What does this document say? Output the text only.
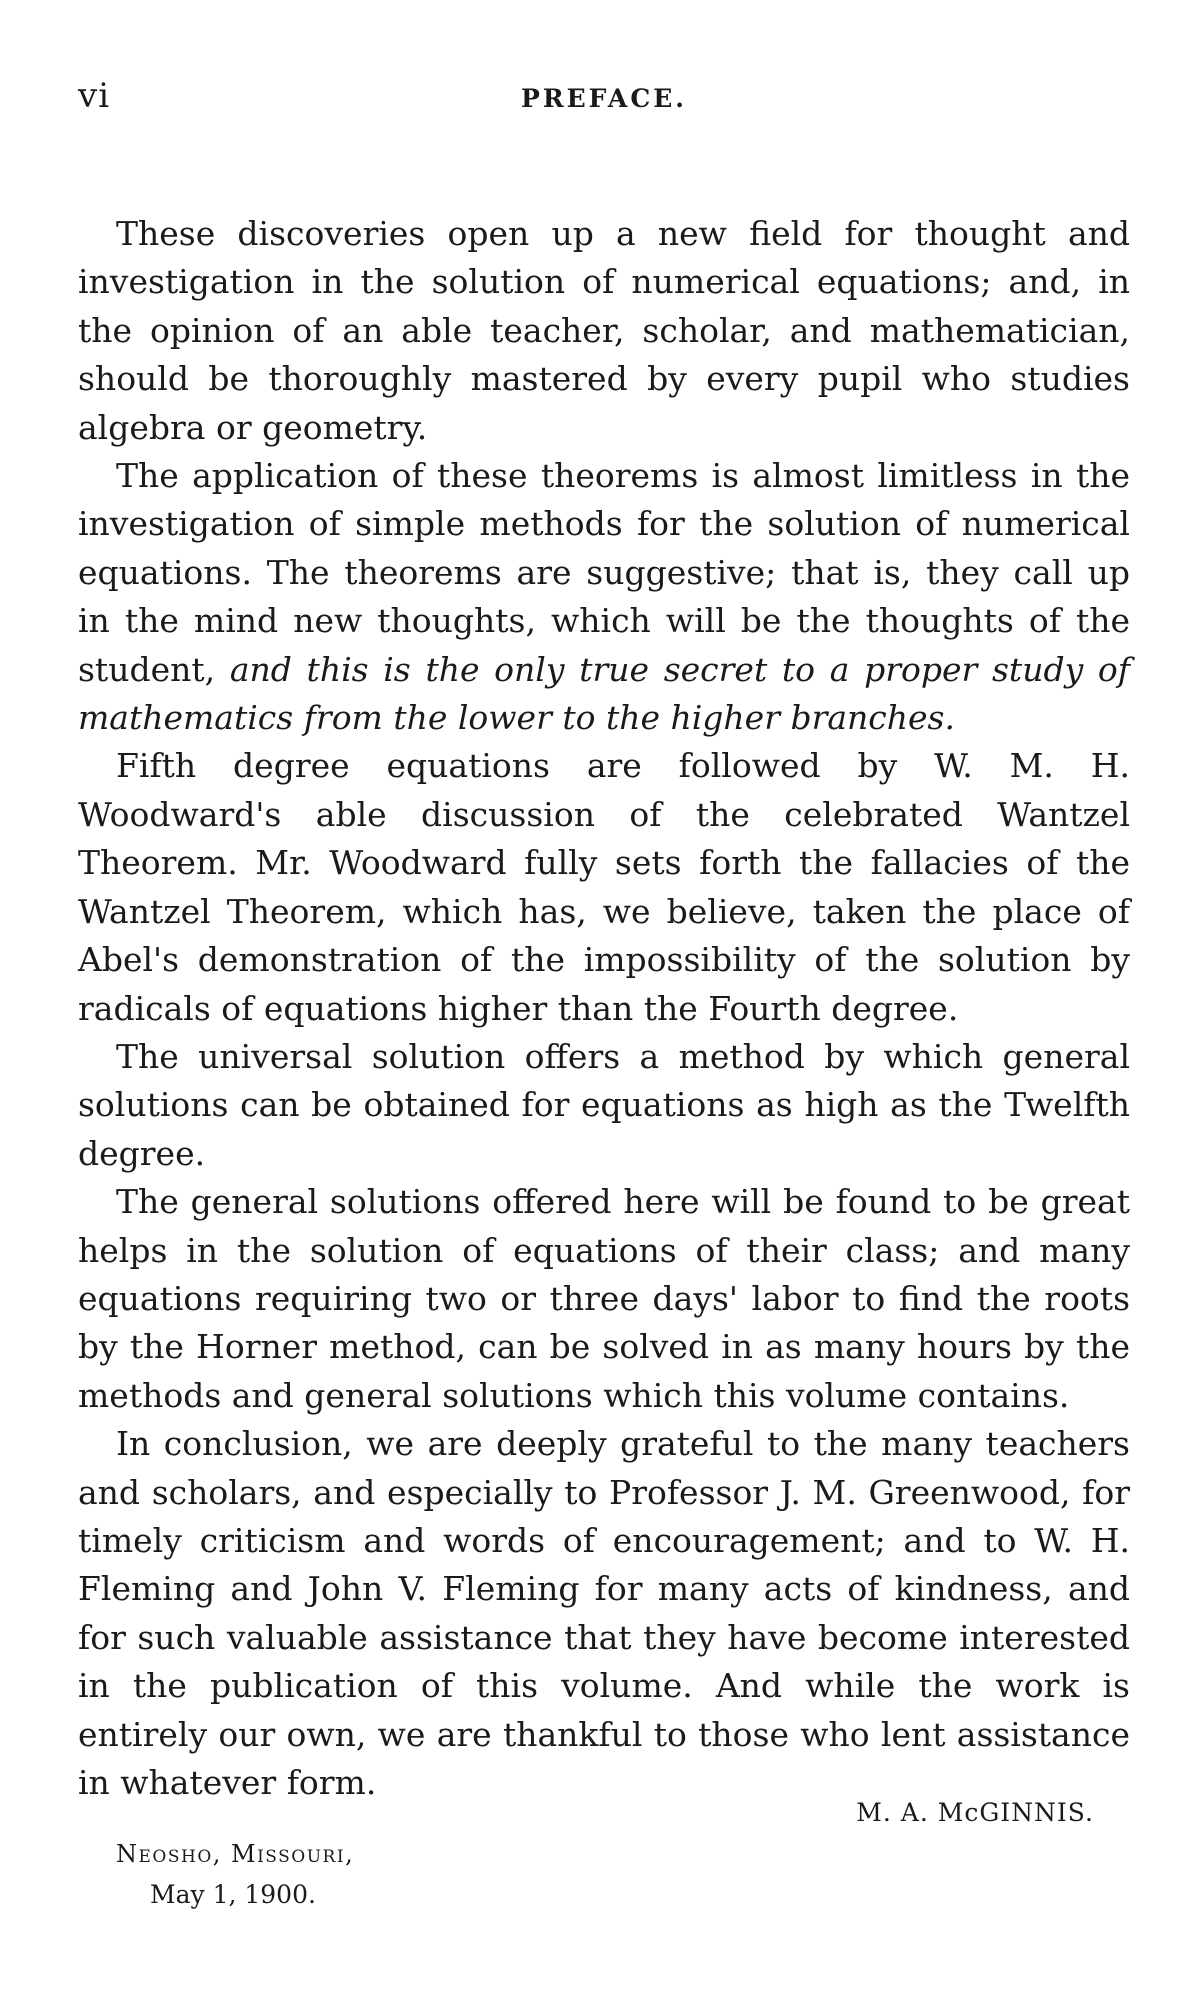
vi	PREFACE.

These discoveries open up a new field for thought and investigation in the solution of numerical equations; and, in the opinion of an able teacher, scholar, and mathematician, should be thoroughly mastered by every pupil who studies algebra or geometry.

The application of these theorems is almost limitless in the investigation of simple methods for the solution of numerical equations. The theorems are suggestive; that is, they call up in the mind new thoughts, which will be the thoughts of the student, and this is the only true secret to a proper study of mathematics from the lower to the higher branches.

Fifth degree equations are followed by W. M. H. Woodward's able discussion of the celebrated Wantzel Theorem. Mr. Woodward fully sets forth the fallacies of the Wantzel Theorem, which has, we believe, taken the place of Abel's demonstration of the impossibility of the solution by radicals of equations higher than the Fourth degree.

The universal solution offers a method by which general solutions can be obtained for equations as high as the Twelfth degree.

The general solutions offered here will be found to be great helps in the solution of equations of their class; and many equations requiring two or three days' labor to find the roots by the Horner method, can be solved in as many hours by the methods and general solutions which this volume contains.

In conclusion, we are deeply grateful to the many teachers and scholars, and especially to Professor J. M. Greenwood, for timely criticism and words of encouragement; and to W. H. Fleming and John V. Fleming for many acts of kindness, and for such valuable assistance that they have become interested in the publication of this volume. And while the work is entirely our own, we are thankful to those who lent assistance in whatever form.

M. A. McGINNIS.
Neosho, Missouri,
May 1, 1900.
